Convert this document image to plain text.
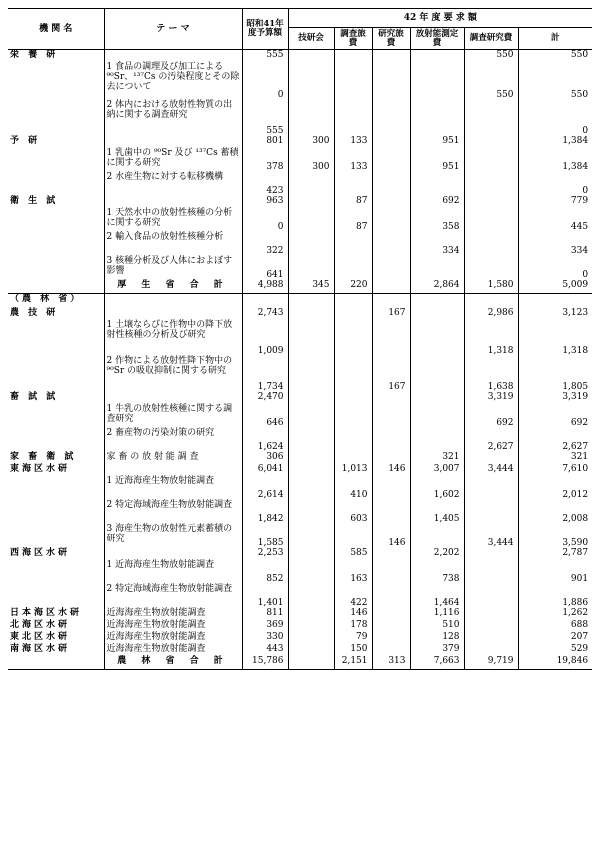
機 関 名	テ ー マ	昭和41年度予算額	42 年 度 要 求 額					
			技研会	調査旅費	研究旅費	放射能測定費	調査研究費	計
栄 養 研		555					550	550
	1 食品の調理及び加工による ⁹⁰Sr、¹³⁷Cs の汚染程度とその除去について	0					550	550
	2 体内における放射性物質の出納に関する調査研究	555						0
予 研		801	300	133		951		1,384
	1 乳歯中の ⁹⁰Sr 及び ¹³⁷Cs 蓄積に関する研究	378	300	133		951		1,384
	2 水産生物に対する転移機構	423						0
衛 生 試		963		87		692		779
	1 天然水中の放射性核種の分析に関する研究	0		87		358		445
	2 輸入食品の放射性核種分析	322				334		334
	3 核種分析及び人体におよぼす影響	641						0
	厚 生 省 合 計	4,988	345	220		2,864	1,580	5,009
（農 林 省）								
農 技 研		2,743			167		2,986	3,123
	1 土壌ならびに作物中の降下放射性核種の分析及び研究	1,009					1,318	1,318
	2 作物による放射性降下物中の ⁹⁰Sr の吸収抑制に関する研究	1,734			167		1,638	1,805
畜 試 試		2,470					3,319	3,319
	1 牛乳の放射性核種に関する調査研究	646					692	692
	2 畜産物の汚染対策の研究	1,624					2,627	2,627
家 畜 衛 試	家 畜 の 放 射 能 調 査	306				321		321
東海区水研		6,041		1,013	146	3,007	3,444	7,610
	1 近海海産生物放射能調査	2,614		410		1,602		2,012
	2 特定海域海産生物放射能調査	1,842		603		1,405		2,008
	3 海産生物の放射性元素蓄積の研究	1,585			146		3,444	3,590
西海区水研		2,253		585		2,202		2,787
	1 近海海産生物放射能調査	852		163		738		901
	2 特定海域海産生物放射能調査	1,401		422		1,464		1,886
日本海区水研	近海海産生物放射能調査	811		146		1,116		1,262
北海区水研	近海海産生物放射能調査	369		178		510		688
東北区水研	近海海産生物放射能調査	330		79		128		207
南海区水研	近海海産生物放射能調査	443		150		379		529
	農 林 省 合 計	15,786		2,151	313	7,663	9,719	19,846
